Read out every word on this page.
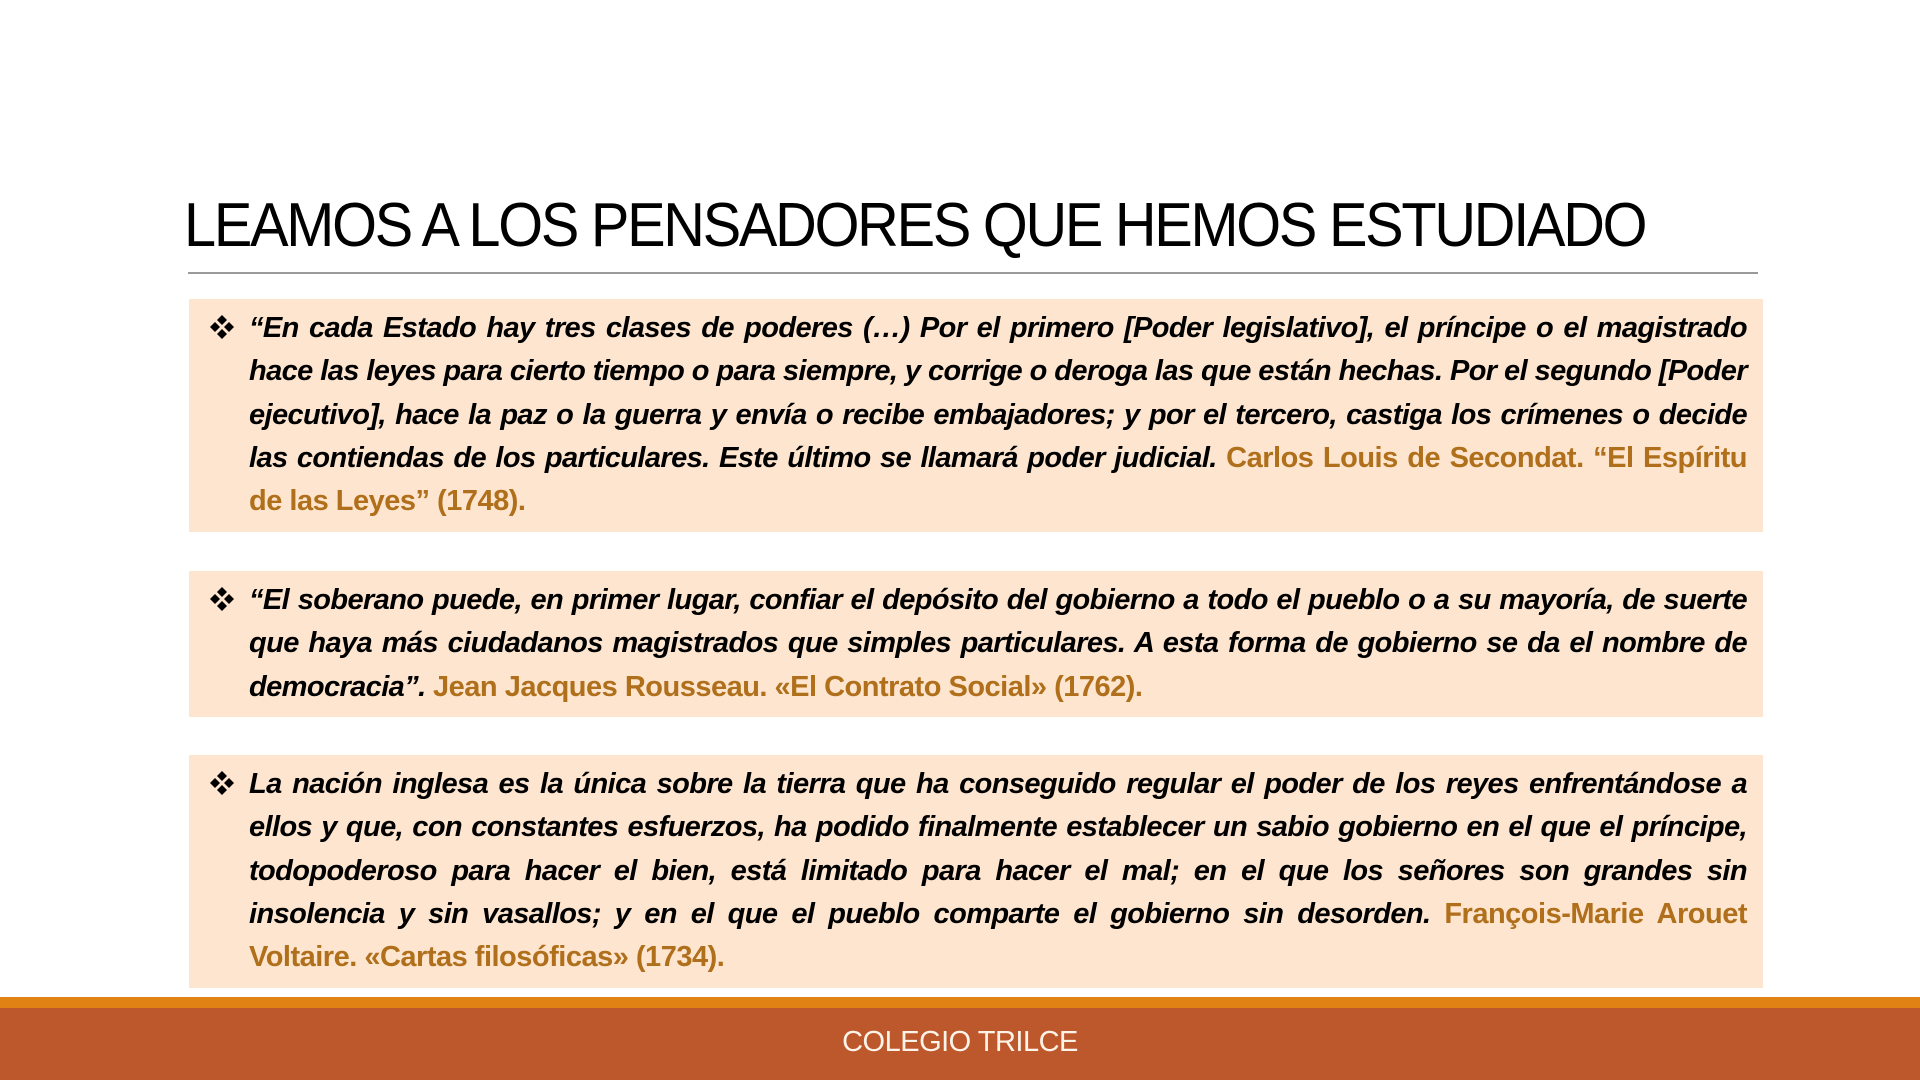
LEAMOS A LOS PENSADORES QUE HEMOS ESTUDIADO

“En cada Estado hay tres clases de poderes (…) Por el primero [Poder legislativo], el príncipe o el magistrado hace las leyes para cierto tiempo o para siempre, y corrige o deroga las que están hechas. Por el segundo [Poder ejecutivo], hace la paz o la guerra y envía o recibe embajadores; y por el tercero, castiga los crímenes o decide las contiendas de los particulares. Este último se llamará poder judicial. Carlos Louis de Secondat. “El Espíritu de las Leyes” (1748).

“El soberano puede, en primer lugar, confiar el depósito del gobierno a todo el pueblo o a su mayoría, de suerte que haya más ciudadanos magistrados que simples particulares. A esta forma de gobierno se da el nombre de democracia”. Jean Jacques Rousseau. «El Contrato Social» (1762).

La nación inglesa es la única sobre la tierra que ha conseguido regular el poder de los reyes enfrentándose a ellos y que, con constantes esfuerzos, ha podido finalmente establecer un sabio gobierno en el que el príncipe, todopoderoso para hacer el bien, está limitado para hacer el mal; en el que los señores son grandes sin insolencia y sin vasallos; y en el que el pueblo comparte el gobierno sin desorden. François-Marie Arouet Voltaire. «Cartas filosóficas» (1734).

COLEGIO TRILCE
